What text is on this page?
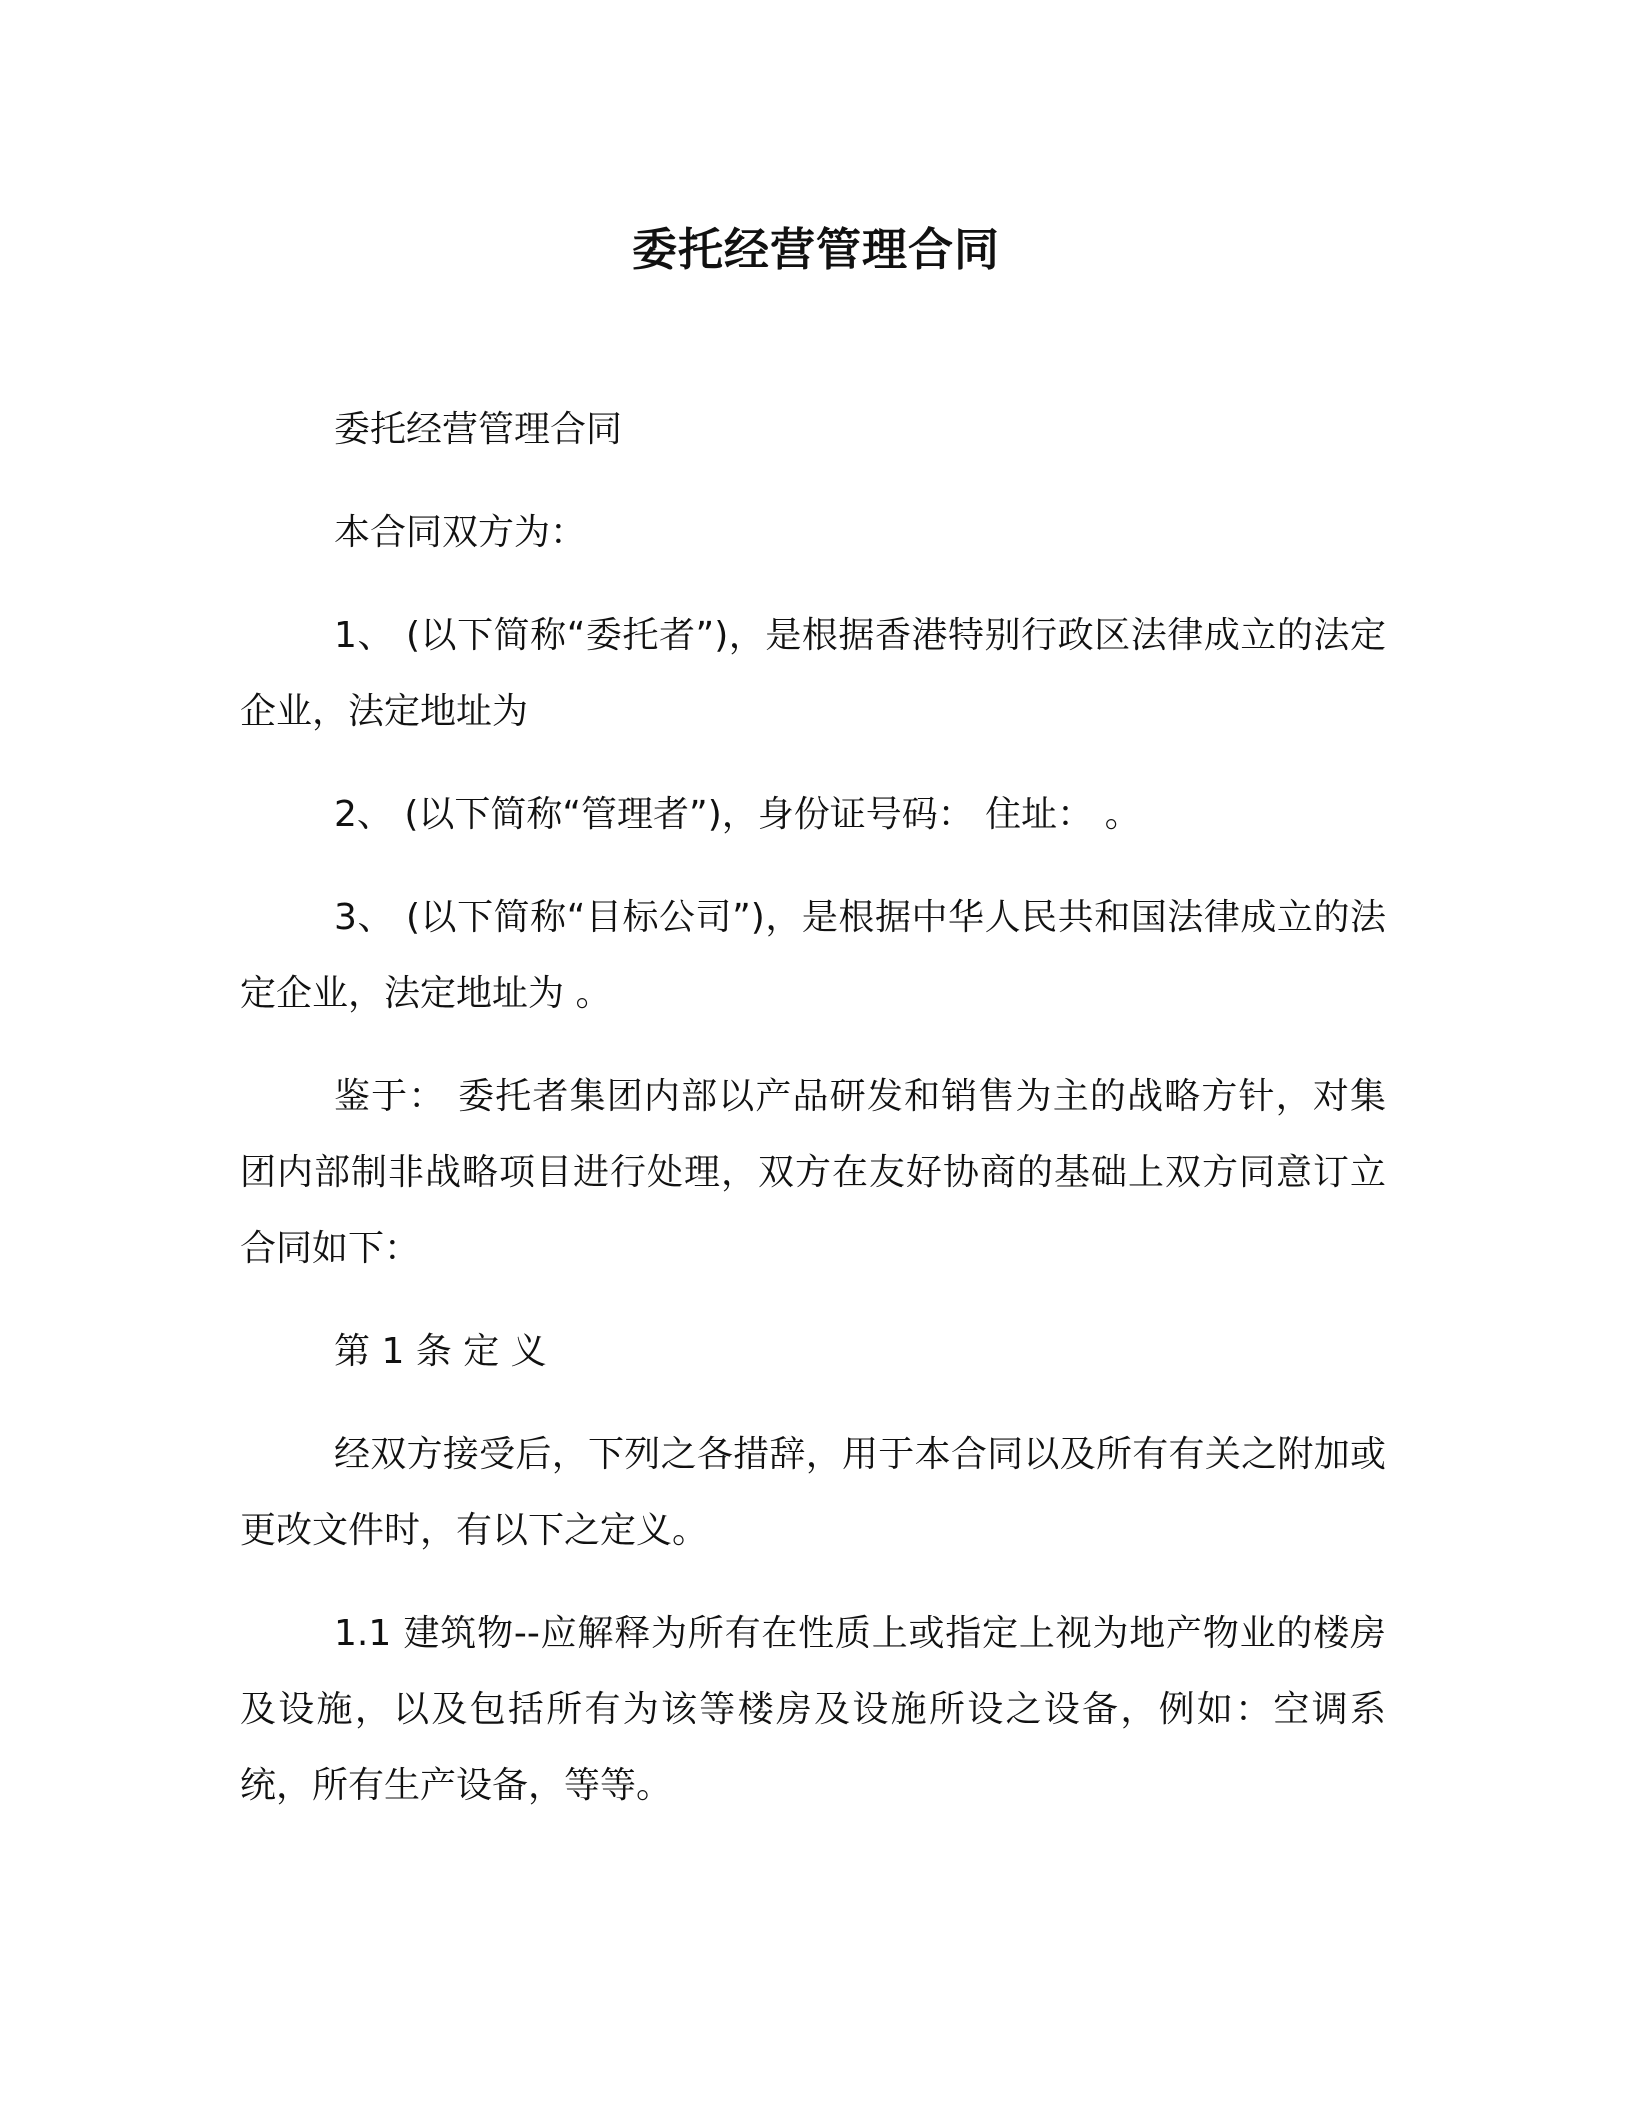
委托经营管理合同

委托经营管理合同

本合同双方为：

1、 (以下简称“委托者”)，是根据香港特别行政区法律成立的法定企业，法定地址为

2、 (以下简称“管理者”)，身份证号码： 住址： 。

3、 (以下简称“目标公司”)，是根据中华人民共和国法律成立的法定企业，法定地址为 。

鉴于： 委托者集团内部以产品研发和销售为主的战略方针，对集团内部制非战略项目进行处理，双方在友好协商的基础上双方同意订立合同如下：

第 1 条 定 义

经双方接受后，下列之各措辞，用于本合同以及所有有关之附加或更改文件时，有以下之定义。

1.1 建筑物--应解释为所有在性质上或指定上视为地产物业的楼房及设施，以及包括所有为该等楼房及设施所设之设备，例如：空调系统，所有生产设备，等等。
